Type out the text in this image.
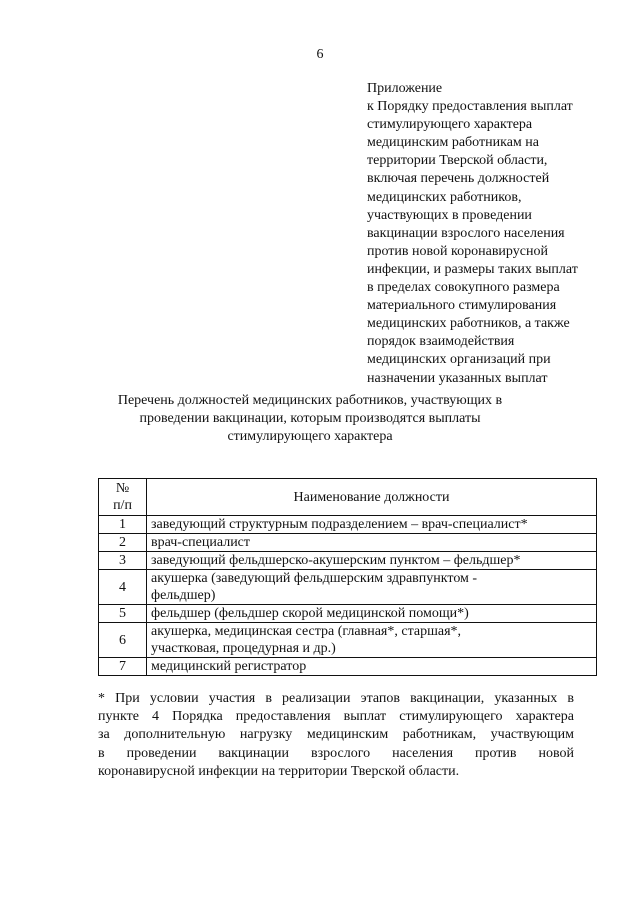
6
Приложение
к Порядку предоставления выплат
стимулирующего характера
медицинским работникам на
территории Тверской области,
включая перечень должностей
медицинских работников,
участвующих в проведении
вакцинации взрослого населения
против новой коронавирусной
инфекции, и размеры таких выплат
в пределах совокупного размера
материального стимулирования
медицинских работников, а также
порядок взаимодействия
медицинских организаций при
назначении указанных выплат
Перечень должностей медицинских работников, участвующих в
проведении вакцинации, которым производятся выплаты
стимулирующего характера
№
п/п	Наименование должности
1	заведующий структурным подразделением – врач-специалист*
2	врач-специалист
3	заведующий фельдшерско-акушерским пунктом – фельдшер*
4	акушерка (заведующий фельдшерским здравпунктом -
фельдшер)

5	фельдшер (фельдшер скорой медицинской помощи*)
6	акушерка, медицинская сестра (главная*, старшая*,
участковая, процедурная и др.)

7	медицинский регистратор
* При условии участия в реализации этапов вакцинации, указанных в
пункте 4 Порядка предоставления выплат стимулирующего характера
за дополнительную нагрузку медицинским работникам, участвующим
в проведении вакцинации взрослого населения против новой
коронавирусной инфекции на территории Тверской области.
